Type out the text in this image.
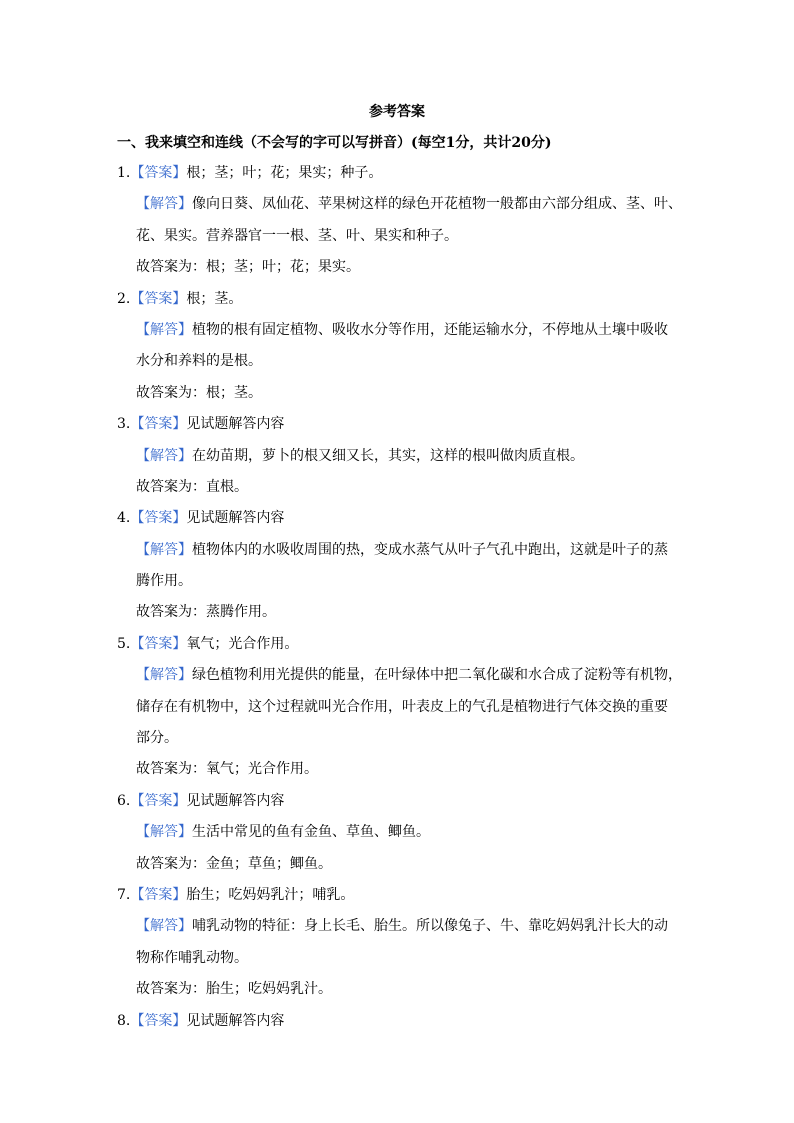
参考答案
一、我来填空和连线（不会写的字可以写拼音）(每空1分，共计20分)
1.【答案】根；茎；叶；花；果实；种子。
【解答】像向日葵、凤仙花、苹果树这样的绿色开花植物一般都由六部分组成、茎、叶、
花、果实。营养器官一一根、茎、叶、果实和种子。
故答案为：根；茎；叶；花；果实。
2.【答案】根；茎。
【解答】植物的根有固定植物、吸收水分等作用，还能运输水分，不停地从土壤中吸收
水分和养料的是根。
故答案为：根；茎。
3.【答案】见试题解答内容
【解答】在幼苗期，萝卜的根又细又长，其实，这样的根叫做肉质直根。
故答案为：直根。
4.【答案】见试题解答内容
【解答】植物体内的水吸收周围的热，变成水蒸气从叶子气孔中跑出，这就是叶子的蒸
腾作用。
故答案为：蒸腾作用。
5.【答案】氧气；光合作用。
【解答】绿色植物利用光提供的能量，在叶绿体中把二氧化碳和水合成了淀粉等有机物，
储存在有机物中，这个过程就叫光合作用，叶表皮上的气孔是植物进行气体交换的重要
部分。
故答案为：氧气；光合作用。
6.【答案】见试题解答内容
【解答】生活中常见的鱼有金鱼、草鱼、鲫鱼。
故答案为：金鱼；草鱼；鲫鱼。
7.【答案】胎生；吃妈妈乳汁；哺乳。
【解答】哺乳动物的特征：身上长毛、胎生。所以像兔子、牛、靠吃妈妈乳汁长大的动
物称作哺乳动物。
故答案为：胎生；吃妈妈乳汁。
8.【答案】见试题解答内容
